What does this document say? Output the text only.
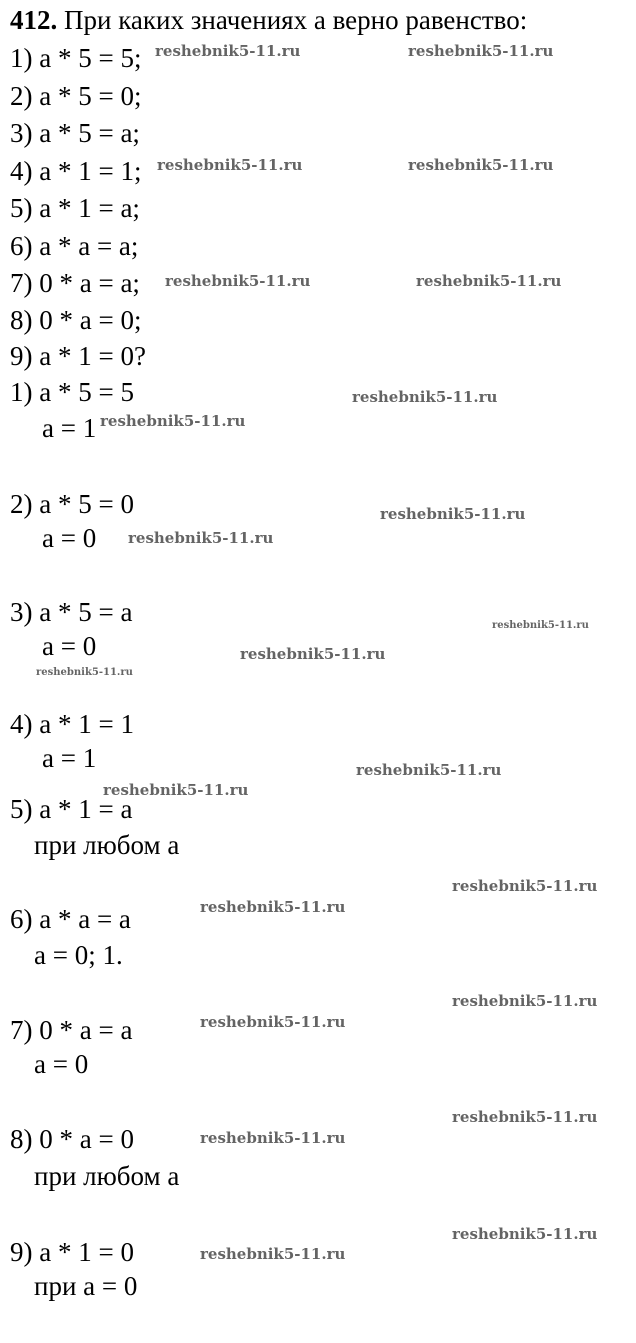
412. При каких значениях а верно равенство:
1) a * 5 = 5;
2) a * 5 = 0;
3) a * 5 = a;
4) a * 1 = 1;
5) a * 1 = a;
6) a * a = a;
7) 0 * a = a;
8) 0 * a = 0;
9) a * 1 = 0?
1) a * 5 = 5
a = 1
2) a * 5 = 0
a = 0
3) a * 5 = a
a = 0
4) a * 1 = 1
a = 1
5) a * 1 = a
при любом а
6) a * a = a
a = 0; 1.
7) 0 * a = a
a = 0
8) 0 * a = 0
при любом а
9) a * 1 = 0
при а = 0
reshebnik5-11.ru	reshebnik5-11.ru
reshebnik5-11.ru	reshebnik5-11.ru
reshebnik5-11.ru	reshebnik5-11.ru
reshebnik5-11.ru
reshebnik5-11.ru
reshebnik5-11.ru
reshebnik5-11.ru
reshebnik5-11.ru
reshebnik5-11.ru
reshebnik5-11.ru
reshebnik5-11.ru
reshebnik5-11.ru
reshebnik5-11.ru
reshebnik5-11.ru
reshebnik5-11.ru
reshebnik5-11.ru
reshebnik5-11.ru
reshebnik5-11.ru
reshebnik5-11.ru
reshebnik5-11.ru
